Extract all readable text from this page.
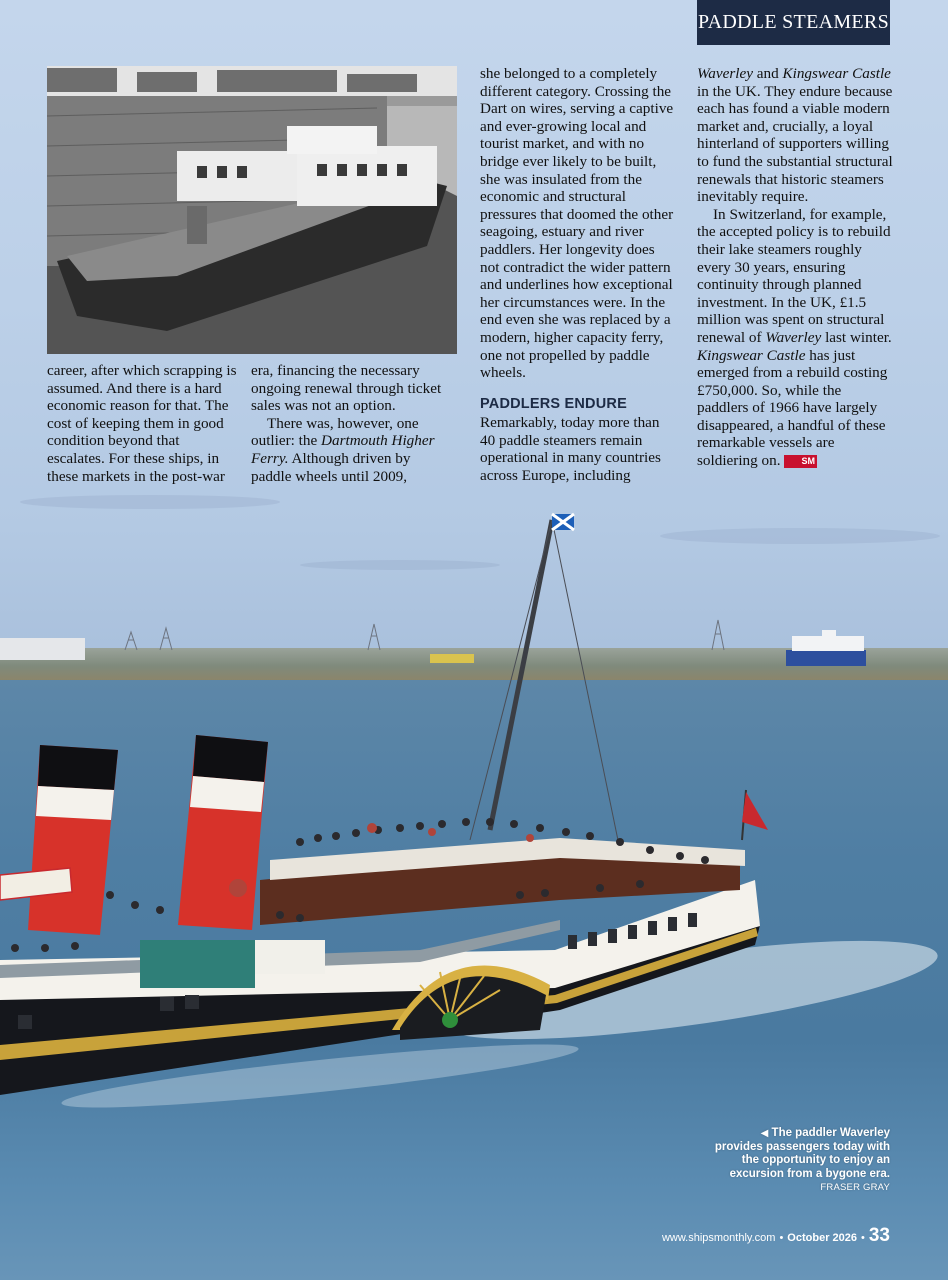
PADDLE STEAMERS

career, after which scrapping is assumed. And there is a hard economic reason for that. The cost of keeping them in good condition beyond that escalates. For these ships, in these markets in the post-war

era, financing the necessary ongoing renewal through ticket sales was not an option.

There was, however, one outlier: the Dartmouth Higher Ferry. Although driven by paddle wheels until 2009,

she belonged to a completely different category. Crossing the Dart on wires, serving a captive and ever-growing local and tourist market, and with no bridge ever likely to be built, she was insulated from the economic and structural pressures that doomed the other seagoing, estuary and river paddlers. Her longevity does not contradict the wider pattern and underlines how exceptional her circumstances were. In the end even she was replaced by a modern, higher capacity ferry, one not propelled by paddle wheels.

PADDLERS ENDURE

Remarkably, today more than 40 paddle steamers remain operational in many countries across Europe, including

Waverley and Kingswear Castle in the UK. They endure because each has found a viable modern market and, crucially, a loyal hinterland of supporters willing to fund the substantial structural renewals that historic steamers inevitably require.

In Switzerland, for example, the accepted policy is to rebuild their lake steamers roughly every 30 years, ensuring continuity through planned investment. In the UK, £1.5 million was spent on structural renewal of Waverley last winter. Kingswear Castle has just emerged from a rebuild costing £750,000. So, while the paddlers of 1966 have largely disappeared, a handful of these remarkable vessels are soldiering on. SM

◀ The paddler Waverley provides passengers today with the opportunity to enjoy an excursion from a bygone era. FRASER GRAY
www.shipsmonthly.com • October 2026 • 33
